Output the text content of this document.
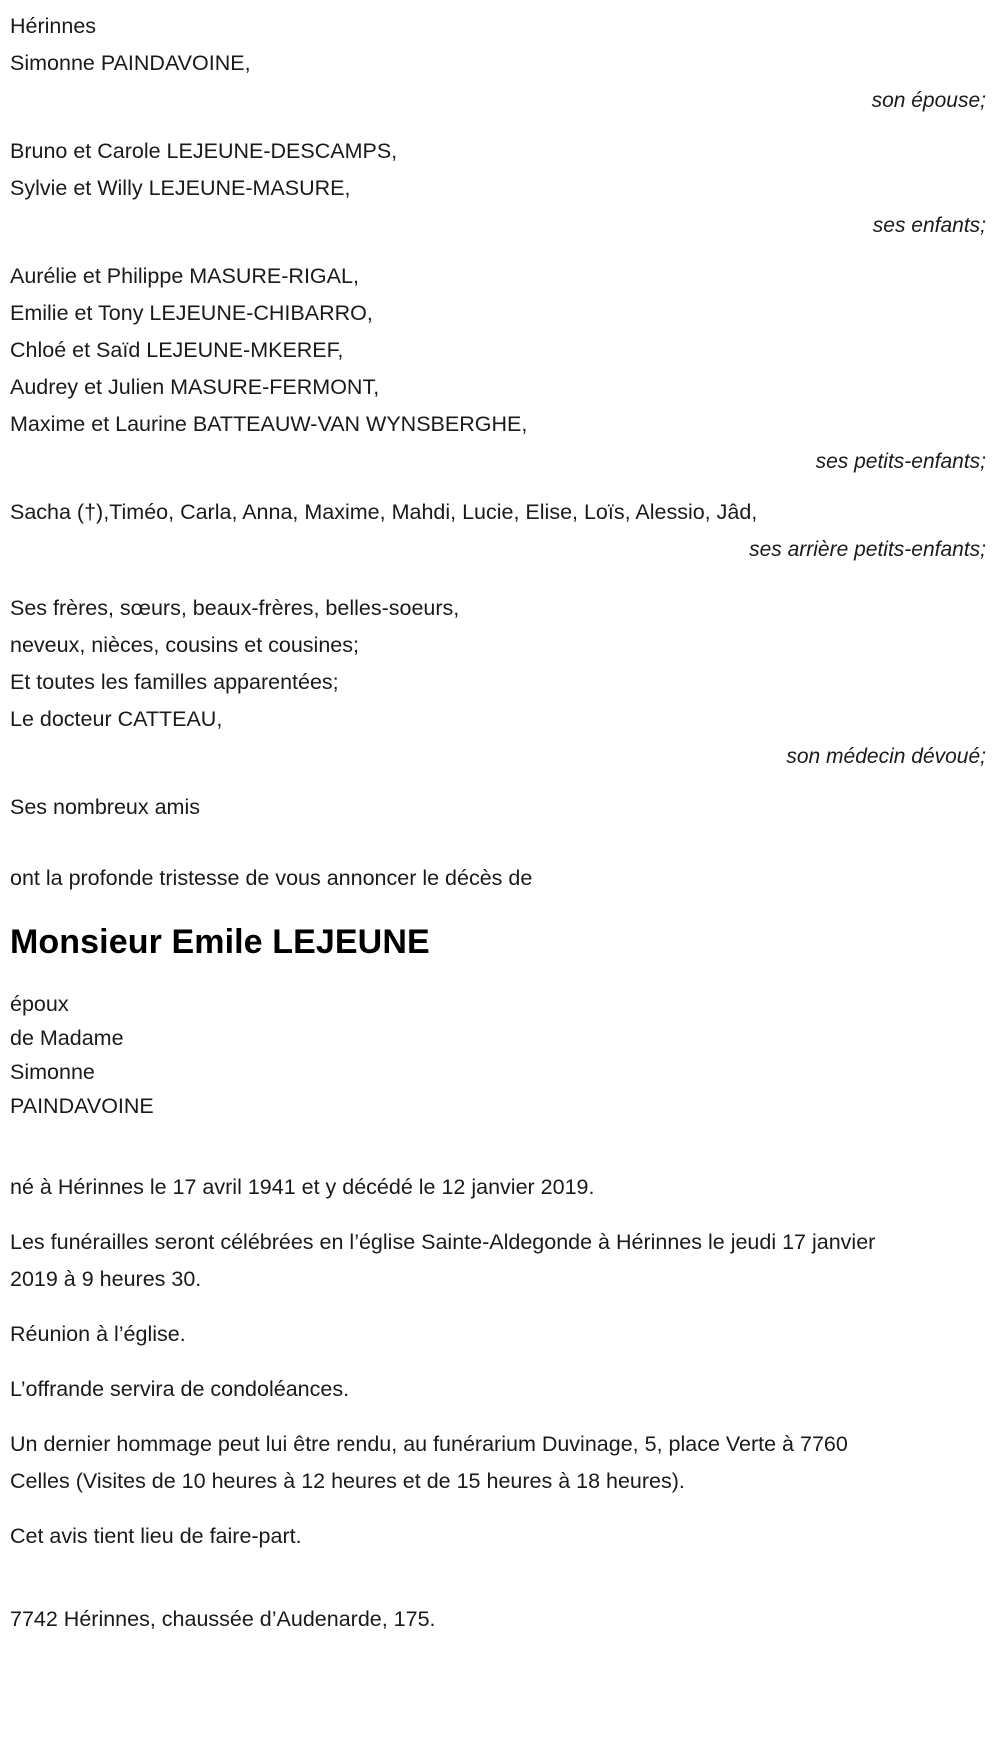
Hérinnes
Simonne PAINDAVOINE,
son épouse;
Bruno et Carole LEJEUNE-DESCAMPS,
Sylvie et Willy LEJEUNE-MASURE,
ses enfants;
Aurélie et Philippe MASURE-RIGAL,
Emilie et Tony LEJEUNE-CHIBARRO,
Chloé et Saïd LEJEUNE-MKEREF,
Audrey et Julien MASURE-FERMONT,
Maxime et Laurine BATTEAUW-VAN WYNSBERGHE,
ses petits-enfants;
Sacha (†),Timéo, Carla, Anna, Maxime, Mahdi, Lucie, Elise, Loïs, Alessio, Jâd,
ses arrière petits-enfants;
Ses frères, sœurs, beaux-frères, belles-soeurs,
neveux, nièces, cousins et cousines;
Et toutes les familles apparentées;
Le docteur CATTEAU,
son médecin dévoué;
Ses nombreux amis
ont la profonde tristesse de vous annoncer le décès de
Monsieur Emile LEJEUNE
époux
de Madame
Simonne
PAINDAVOINE

né à Hérinnes le 17 avril 1941 et y décédé le 12 janvier 2019.

Les funérailles seront célébrées en l’église Sainte-Aldegonde à Hérinnes le jeudi 17 janvier 2019 à 9 heures 30.

Réunion à l’église.

L’offrande servira de condoléances.

Un dernier hommage peut lui être rendu, au funérarium Duvinage, 5, place Verte à 7760 Celles (Visites de 10 heures à 12 heures et de 15 heures à 18 heures).

Cet avis tient lieu de faire-part.

7742 Hérinnes, chaussée d’Audenarde, 175.
